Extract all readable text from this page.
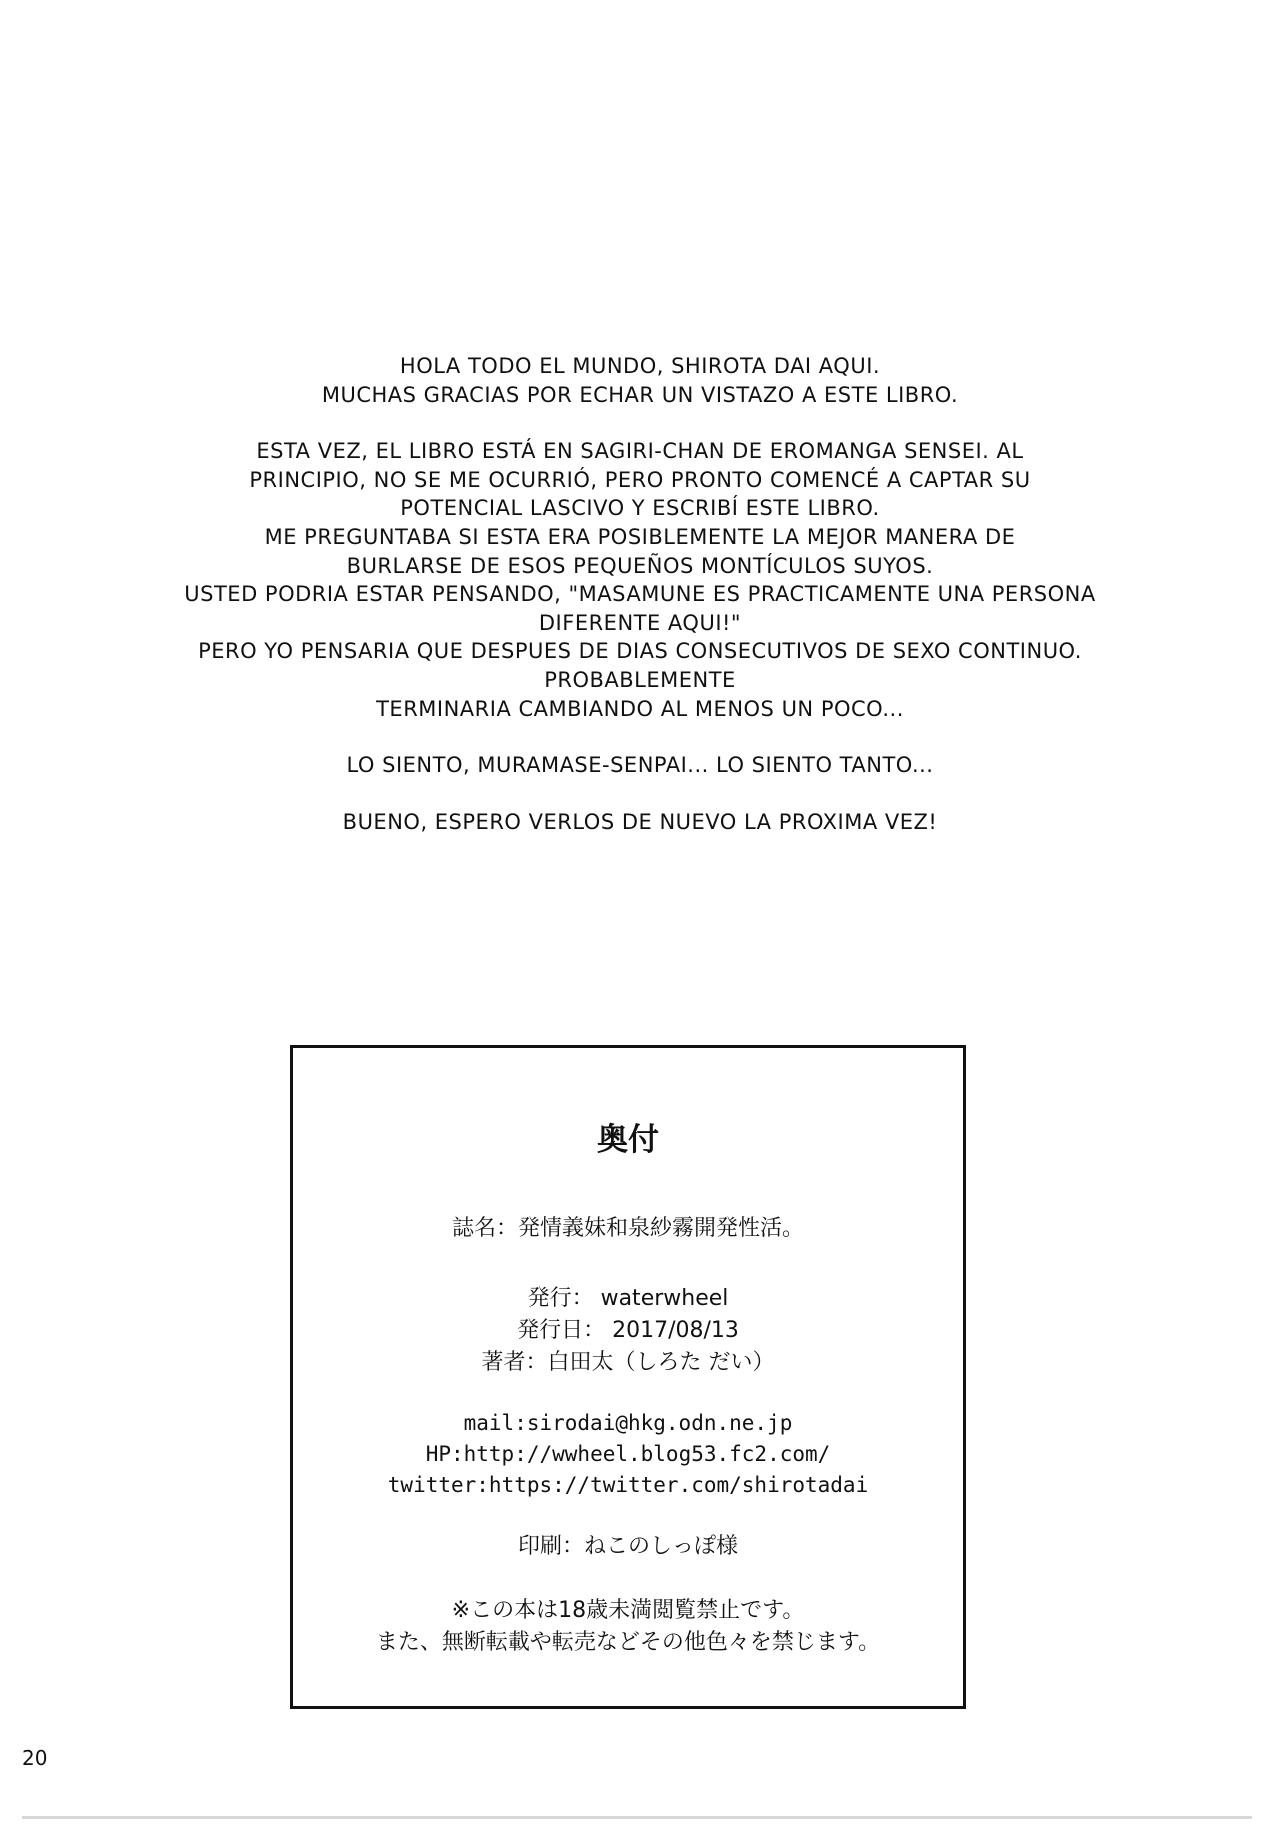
HOLA TODO EL MUNDO, SHIROTA DAI AQUI.
MUCHAS GRACIAS POR ECHAR UN VISTAZO A ESTE LIBRO.
ESTA VEZ, EL LIBRO ESTÁ EN SAGIRI-CHAN DE EROMANGA SENSEI. AL
PRINCIPIO, NO SE ME OCURRIÓ, PERO PRONTO COMENCÉ A CAPTAR SU
POTENCIAL LASCIVO Y ESCRIBÍ ESTE LIBRO.
ME PREGUNTABA SI ESTA ERA POSIBLEMENTE LA MEJOR MANERA DE
BURLARSE DE ESOS PEQUEÑOS MONTÍCULOS SUYOS.
USTED PODRIA ESTAR PENSANDO, "MASAMUNE ES PRACTICAMENTE UNA PERSONA
DIFERENTE AQUI!"
PERO YO PENSARIA QUE DESPUES DE DIAS CONSECUTIVOS DE SEXO CONTINUO.
PROBABLEMENTE
TERMINARIA CAMBIANDO AL MENOS UN POCO...
LO SIENTO, MURAMASE-SENPAI... LO SIENTO TANTO...
BUENO, ESPERO VERLOS DE NUEVO LA PROXIMA VEZ!
奥付
誌名：発情義妹和泉紗霧開発性活。
発行： waterwheel
発行日： 2017/08/13
著者：白田太（しろた だい）
mail:sirodai@hkg.odn.ne.jp
HP:http://wwheel.blog53.fc2.com/
twitter:https://twitter.com/shirotadai
印刷：ねこのしっぽ様
※この本は18歳未満閲覧禁止です。
また、無断転載や転売などその他色々を禁じます。
20
